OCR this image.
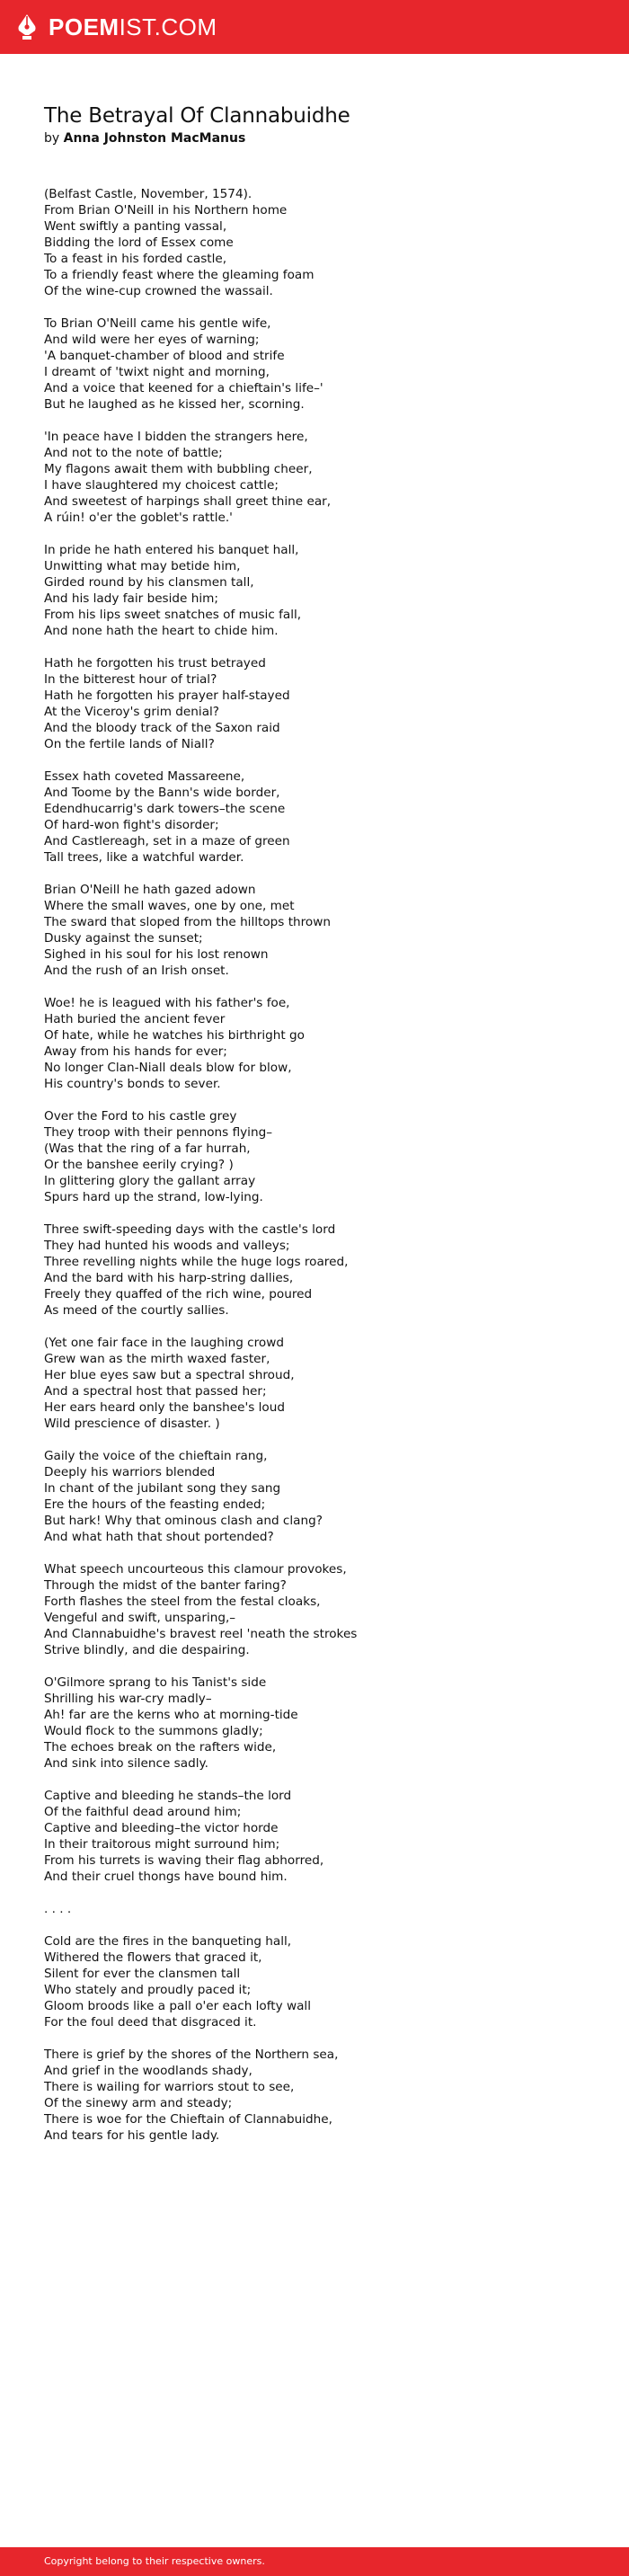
POEMIST.COM
The Betrayal Of Clannabuidhe
by Anna Johnston MacManus
(Belfast Castle, November, 1574).
From Brian O'Neill in his Northern home
Went swiftly a panting vassal,
Bidding the lord of Essex come
To a feast in his forded castle,
To a friendly feast where the gleaming foam
Of the wine-cup crowned the wassail.
To Brian O'Neill came his gentle wife,
And wild were her eyes of warning;
'A banquet-chamber of blood and strife
I dreamt of 'twixt night and morning,
And a voice that keened for a chieftain's life–'
But he laughed as he kissed her, scorning.
'In peace have I bidden the strangers here,
And not to the note of battle;
My flagons await them with bubbling cheer,
I have slaughtered my choicest cattle;
And sweetest of harpings shall greet thine ear,
A rúin! o'er the goblet's rattle.'
In pride he hath entered his banquet hall,
Unwitting what may betide him,
Girded round by his clansmen tall,
And his lady fair beside him;
From his lips sweet snatches of music fall,
And none hath the heart to chide him.
Hath he forgotten his trust betrayed
In the bitterest hour of trial?
Hath he forgotten his prayer half-stayed
At the Viceroy's grim denial?
And the bloody track of the Saxon raid
On the fertile lands of Niall?
Essex hath coveted Massareene,
And Toome by the Bann's wide border,
Edendhucarrig's dark towers–the scene
Of hard-won fight's disorder;
And Castlereagh, set in a maze of green
Tall trees, like a watchful warder.
Brian O'Neill he hath gazed adown
Where the small waves, one by one, met
The sward that sloped from the hilltops thrown
Dusky against the sunset;
Sighed in his soul for his lost renown
And the rush of an Irish onset.
Woe! he is leagued with his father's foe,
Hath buried the ancient fever
Of hate, while he watches his birthright go
Away from his hands for ever;
No longer Clan-Niall deals blow for blow,
His country's bonds to sever.
Over the Ford to his castle grey
They troop with their pennons flying–
(Was that the ring of a far hurrah,
Or the banshee eerily crying? )
In glittering glory the gallant array
Spurs hard up the strand, low-lying.
Three swift-speeding days with the castle's lord
They had hunted his woods and valleys;
Three revelling nights while the huge logs roared,
And the bard with his harp-string dallies,
Freely they quaffed of the rich wine, poured
As meed of the courtly sallies.
(Yet one fair face in the laughing crowd
Grew wan as the mirth waxed faster,
Her blue eyes saw but a spectral shroud,
And a spectral host that passed her;
Her ears heard only the banshee's loud
Wild prescience of disaster. )
Gaily the voice of the chieftain rang,
Deeply his warriors blended
In chant of the jubilant song they sang
Ere the hours of the feasting ended;
But hark! Why that ominous clash and clang?
And what hath that shout portended?
What speech uncourteous this clamour provokes,
Through the midst of the banter faring?
Forth flashes the steel from the festal cloaks,
Vengeful and swift, unsparing,–
And Clannabuidhe's bravest reel 'neath the strokes
Strive blindly, and die despairing.
O'Gilmore sprang to his Tanist's side
Shrilling his war-cry madly–
Ah! far are the kerns who at morning-tide
Would flock to the summons gladly;
The echoes break on the rafters wide,
And sink into silence sadly.
Captive and bleeding he stands–the lord
Of the faithful dead around him;
Captive and bleeding–the victor horde
In their traitorous might surround him;
From his turrets is waving their flag abhorred,
And their cruel thongs have bound him.
. . . .
Cold are the fires in the banqueting hall,
Withered the flowers that graced it,
Silent for ever the clansmen tall
Who stately and proudly paced it;
Gloom broods like a pall o'er each lofty wall
For the foul deed that disgraced it.
There is grief by the shores of the Northern sea,
And grief in the woodlands shady,
There is wailing for warriors stout to see,
Of the sinewy arm and steady;
There is woe for the Chieftain of Clannabuidhe,
And tears for his gentle lady.
Copyright belong to their respective owners.
